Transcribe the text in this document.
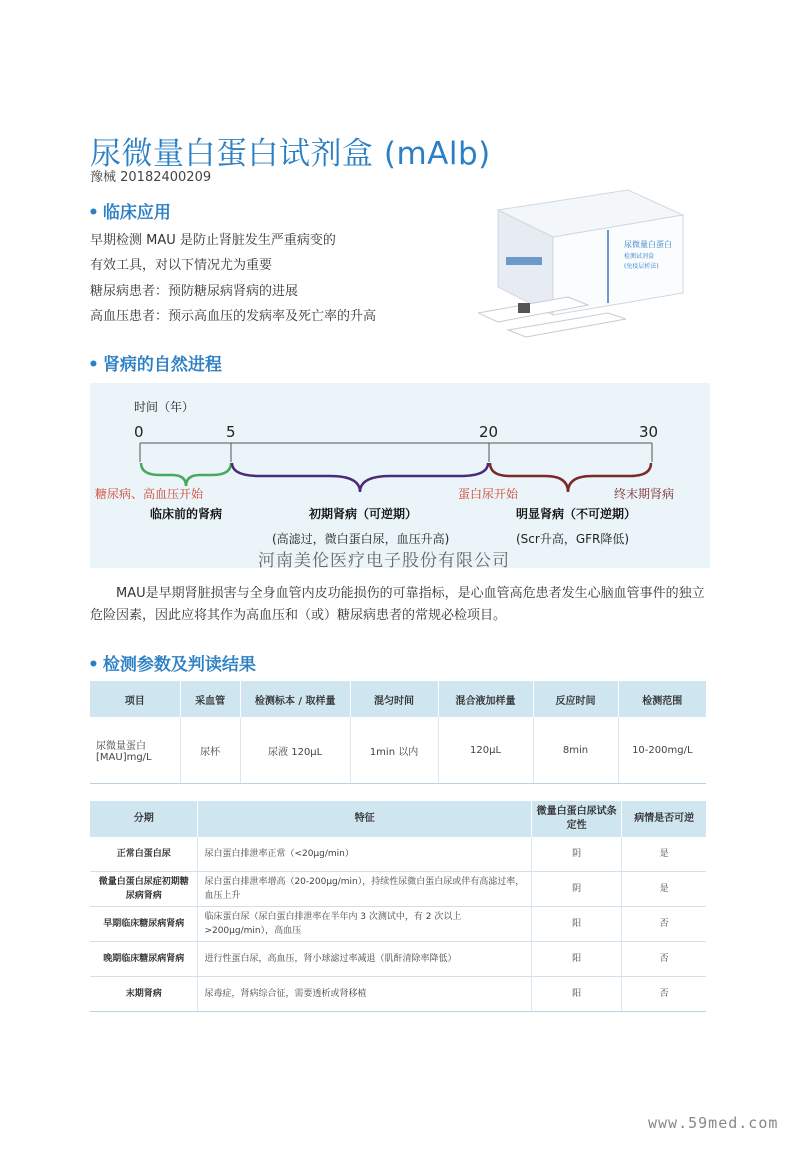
尿微量白蛋白试剂盒 (mAlb)
豫械 20182400209
• 临床应用
早期检测 MAU 是防止肾脏发生严重病变的
有效工具，对以下情况尤为重要
糖尿病患者：预防糖尿病肾病的进展
高血压患者：预示高血压的发病率及死亡率的升高
尿微量白蛋白
检测试剂盒
(免疫层析法)
• 肾病的自然进程
时间（年）
0	5	20	30
糖尿病、高血压开始	蛋白尿开始	终末期肾病
临床前的肾病	初期肾病（可逆期）	明显肾病（不可逆期）
(高滤过，微白蛋白尿，血压升高)	(Scr升高，GFR降低)
河南美伦医疗电子股份有限公司
MAU是早期肾脏损害与全身血管内皮功能损伤的可靠指标，是心血管高危患者发生心脑血管事件的独立危险因素，因此应将其作为高血压和（或）糖尿病患者的常规必检项目。
• 检测参数及判读结果
项目	采血管	检测标本 / 取样量	混匀时间	混合液加样量	反应时间	检测范围
尿微量蛋白[MAU]mg/L	尿杯	尿液 120μL	1min 以内	120μL	8min	10-200mg/L
分期	特征	微量白蛋白尿试条定性	病情是否可逆
正常白蛋白尿	尿白蛋白排泄率正常（<20μg/min）	阴	是
微量白蛋白尿症初期糖尿病肾病	尿白蛋白排泄率增高（20-200μg/min），持续性尿微白蛋白尿或伴有高滤过率，血压上升	阴	是
早期临床糖尿病肾病	临床蛋白尿（尿白蛋白排泄率在半年内 3 次测试中，有 2 次以上 >200μg/min），高血压	阳	否
晚期临床糖尿病肾病	进行性蛋白尿，高血压，肾小球滤过率减退（肌酐清除率降低）	阳	否
末期肾病	尿毒症，肾病综合征，需要透析或肾移植	阳	否
www.59med.com
